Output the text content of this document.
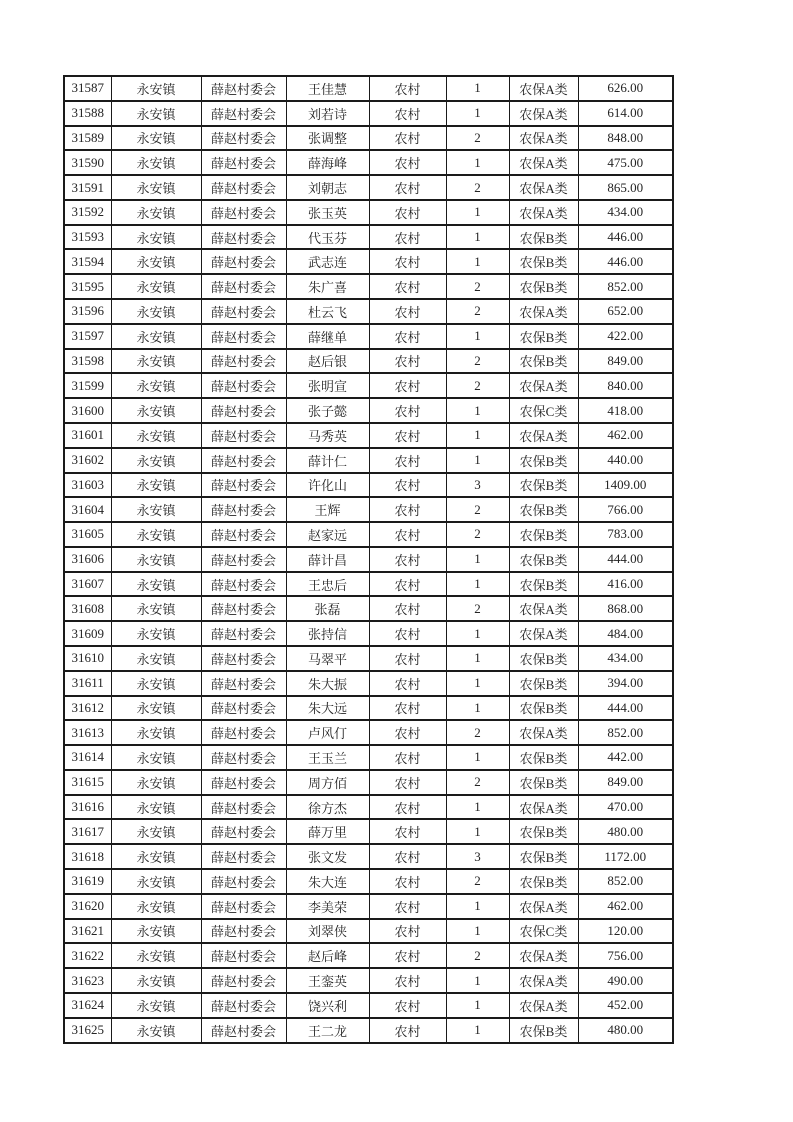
31587	永安镇	薛赵村委会	王佳慧	农村	1	农保A类	626.00
31588	永安镇	薛赵村委会	刘若诗	农村	1	农保A类	614.00
31589	永安镇	薛赵村委会	张调整	农村	2	农保A类	848.00
31590	永安镇	薛赵村委会	薛海峰	农村	1	农保A类	475.00
31591	永安镇	薛赵村委会	刘朝志	农村	2	农保A类	865.00
31592	永安镇	薛赵村委会	张玉英	农村	1	农保A类	434.00
31593	永安镇	薛赵村委会	代玉芬	农村	1	农保B类	446.00
31594	永安镇	薛赵村委会	武志连	农村	1	农保B类	446.00
31595	永安镇	薛赵村委会	朱广喜	农村	2	农保B类	852.00
31596	永安镇	薛赵村委会	杜云飞	农村	2	农保A类	652.00
31597	永安镇	薛赵村委会	薛继单	农村	1	农保B类	422.00
31598	永安镇	薛赵村委会	赵后银	农村	2	农保B类	849.00
31599	永安镇	薛赵村委会	张明宣	农村	2	农保A类	840.00
31600	永安镇	薛赵村委会	张子懿	农村	1	农保C类	418.00
31601	永安镇	薛赵村委会	马秀英	农村	1	农保A类	462.00
31602	永安镇	薛赵村委会	薛计仁	农村	1	农保B类	440.00
31603	永安镇	薛赵村委会	许化山	农村	3	农保B类	1409.00
31604	永安镇	薛赵村委会	王辉	农村	2	农保B类	766.00
31605	永安镇	薛赵村委会	赵家远	农村	2	农保B类	783.00
31606	永安镇	薛赵村委会	薛计昌	农村	1	农保B类	444.00
31607	永安镇	薛赵村委会	王忠后	农村	1	农保B类	416.00
31608	永安镇	薛赵村委会	张磊	农村	2	农保A类	868.00
31609	永安镇	薛赵村委会	张持信	农村	1	农保A类	484.00
31610	永安镇	薛赵村委会	马翠平	农村	1	农保B类	434.00
31611	永安镇	薛赵村委会	朱大振	农村	1	农保B类	394.00
31612	永安镇	薛赵村委会	朱大远	农村	1	农保B类	444.00
31613	永安镇	薛赵村委会	卢风仃	农村	2	农保A类	852.00
31614	永安镇	薛赵村委会	王玉兰	农村	1	农保B类	442.00
31615	永安镇	薛赵村委会	周方佰	农村	2	农保B类	849.00
31616	永安镇	薛赵村委会	徐方杰	农村	1	农保A类	470.00
31617	永安镇	薛赵村委会	薛万里	农村	1	农保B类	480.00
31618	永安镇	薛赵村委会	张文发	农村	3	农保B类	1172.00
31619	永安镇	薛赵村委会	朱大连	农村	2	农保B类	852.00
31620	永安镇	薛赵村委会	李美荣	农村	1	农保A类	462.00
31621	永安镇	薛赵村委会	刘翠侠	农村	1	农保C类	120.00
31622	永安镇	薛赵村委会	赵后峰	农村	2	农保A类	756.00
31623	永安镇	薛赵村委会	王銮英	农村	1	农保A类	490.00
31624	永安镇	薛赵村委会	饶兴利	农村	1	农保A类	452.00
31625	永安镇	薛赵村委会	王二龙	农村	1	农保B类	480.00
